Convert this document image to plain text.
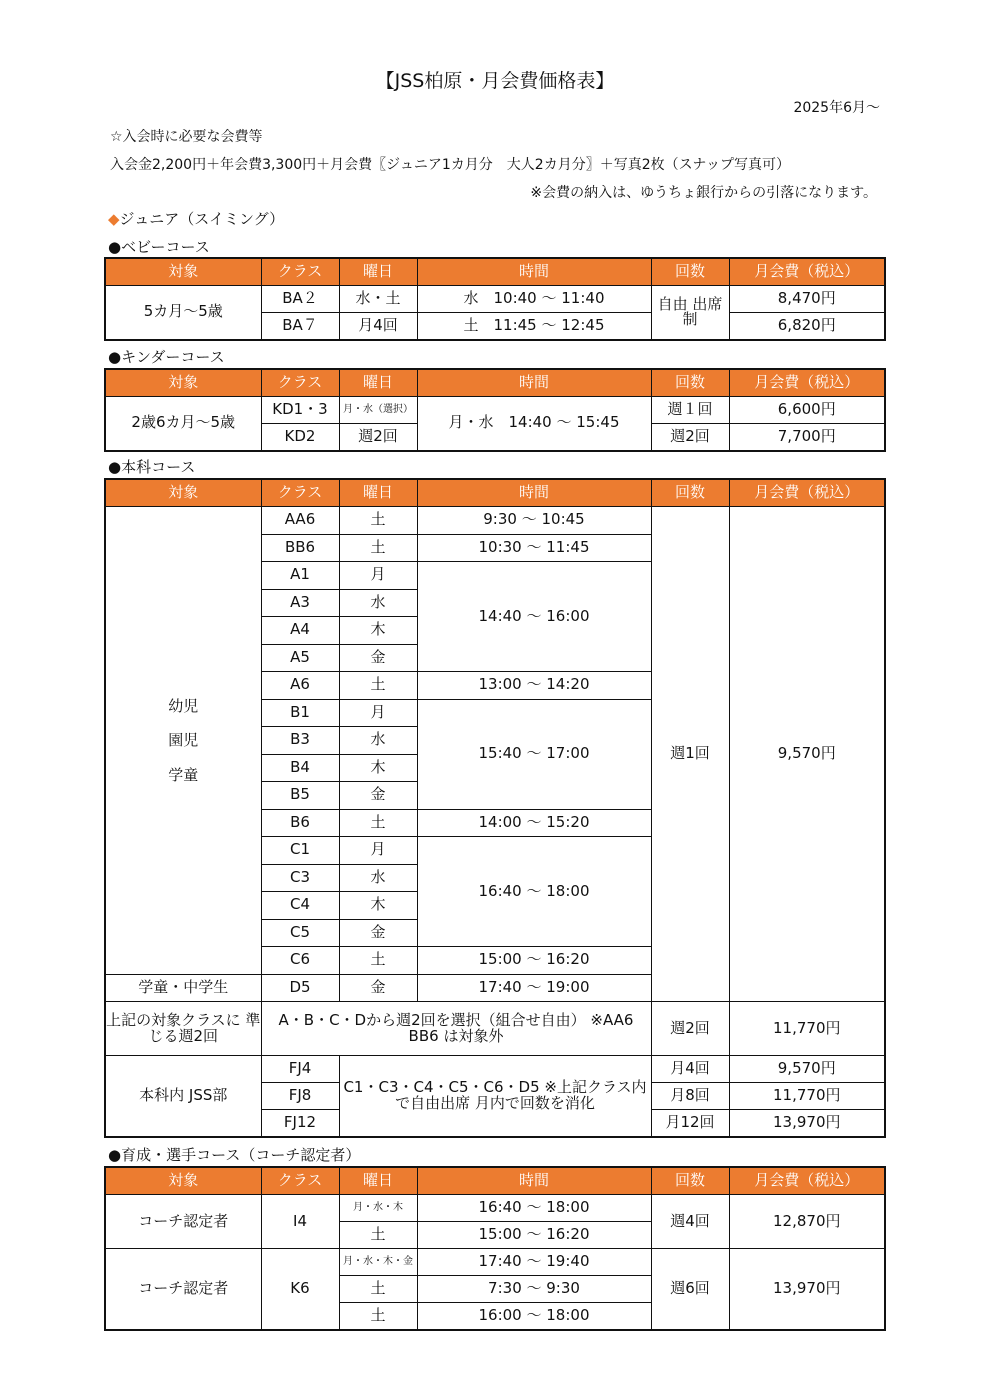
【JSS柏原・月会費価格表】
2025年6月～
☆入会時に必要な会費等
入会金2,200円＋年会費3,300円＋月会費〖ジュニア1カ月分　大人2カ月分〗＋写真2枚（スナップ写真可）
※会費の納入は、ゆうちょ銀行からの引落になります。
◆ジュニア（スイミング）
●ベビーコース
対象	クラス	曜日	時間	回数	月会費（税込）
5カ月～5歳	BA２	水・土	水　10:40 ～ 11:40	自由 出席制	8,470円
	BA７	月4回	土　11:45 ～ 12:45		6,820円
●キンダーコース
対象	クラス	曜日	時間	回数	月会費（税込）
2歳6カ月～5歳	KD1・3	月・水（選択）	月・水　14:40 ～ 15:45	週１回	6,600円
	KD2	週2回		週2回	7,700円
●本科コース
対象	クラス	曜日	時間	回数	月会費（税込）

幼児
園児
学童	AA6	土	9:30 ～ 10:45	週1回	9,570円
	BB6	土	10:30 ～ 11:45		
	A1	月	14:40 ～ 16:00		
	A3	水			
	A4	木			
	A5	金			
	A6	土	13:00 ～ 14:20		
	B1	月	15:40 ～ 17:00		
	B3	水			
	B4	木			
	B5	金			
	B6	土	14:00 ～ 15:20		
	C1	月	16:40 ～ 18:00		
	C3	水			
	C4	木			
	C5	金			
	C6	土	15:00 ～ 16:20		
学童・中学生	D5	金	17:40 ～ 19:00		
上記の対象クラスに 準じる週2回	A・B・C・Dから週2回を選択（組合せ自由） ※AA6 BB6 は対象外			週2回	11,770円
本科内 JSS部	FJ4	C1・C3・C4・C5・C6・D5 ※上記クラス内で自由出席 月内で回数を消化		月4回	9,570円
	FJ8			月8回	11,770円
	FJ12			月12回	13,970円
●育成・選手コース（コーチ認定者）
対象	クラス	曜日	時間	回数	月会費（税込）
コーチ認定者	I4	月・水・木	16:40 ～ 18:00	週4回	12,870円
		土	15:00 ～ 16:20		
コーチ認定者	K6	月・水・木・金	17:40 ～ 19:40	週6回	13,970円
		土	7:30 ～ 9:30		
		土	16:00 ～ 18:00		
